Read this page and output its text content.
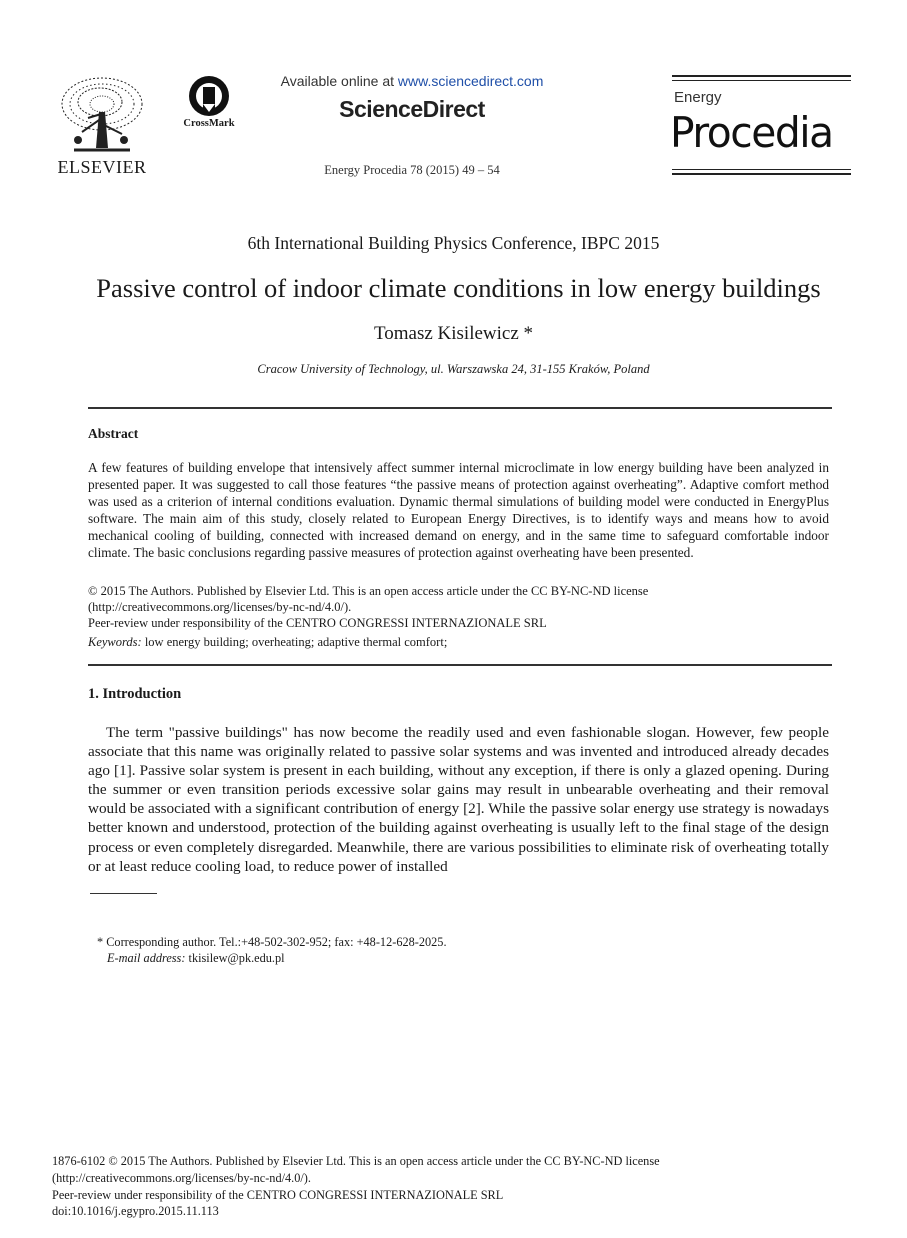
ELSEVIER
CrossMark
Available online at www.sciencedirect.com
ScienceDirect
Energy Procedia 78 (2015) 49 – 54
Energy
Procedia
6th International Building Physics Conference, IBPC 2015
Passive control of indoor climate conditions in low energy buildings
Tomasz Kisilewicz *
Cracow University of Technology, ul. Warszawska 24, 31-155 Kraków, Poland
Abstract
A few features of building envelope that intensively affect summer internal microclimate in low energy building have been analyzed in presented paper. It was suggested to call those features “the passive means of protection against overheating”. Adaptive comfort method was used as a criterion of internal conditions evaluation. Dynamic thermal simulations of building model were conducted in EnergyPlus software. The main aim of this study, closely related to European Energy Directives, is to identify ways and means how to avoid mechanical cooling of building, connected with increased demand on energy, and in the same time to safeguard comfortable indoor climate. The basic conclusions regarding passive measures of protection against overheating have been presented.
© 2015 The Authors. Published by Elsevier Ltd. This is an open access article under the CC BY-NC-ND license
(http://creativecommons.org/licenses/by-nc-nd/4.0/).
Peer-review under responsibility of the CENTRO CONGRESSI INTERNAZIONALE SRL
Keywords: low energy building; overheating; adaptive thermal comfort;
1. Introduction
The term "passive buildings" has now become the readily used and even fashionable slogan. However, few people associate that this name was originally related to passive solar systems and was invented and introduced already decades ago [1]. Passive solar system is present in each building, without any exception, if there is only a glazed opening. During the summer or even transition periods excessive solar gains may result in unbearable overheating and their removal would be associated with a significant contribution of energy [2]. While the passive solar energy use strategy is nowadays better known and understood, protection of the building against overheating is usually left to the final stage of the design process or even completely disregarded. Meanwhile, there are various possibilities to eliminate risk of overheating totally or at least reduce cooling load, to reduce power of installed
* Corresponding author. Tel.:+48-502-302-952; fax: +48-12-628-2025.
E-mail address: tkisilew@pk.edu.pl
1876-6102 © 2015 The Authors. Published by Elsevier Ltd. This is an open access article under the CC BY-NC-ND license
(http://creativecommons.org/licenses/by-nc-nd/4.0/).
Peer-review under responsibility of the CENTRO CONGRESSI INTERNAZIONALE SRL
doi:10.1016/j.egypro.2015.11.113
